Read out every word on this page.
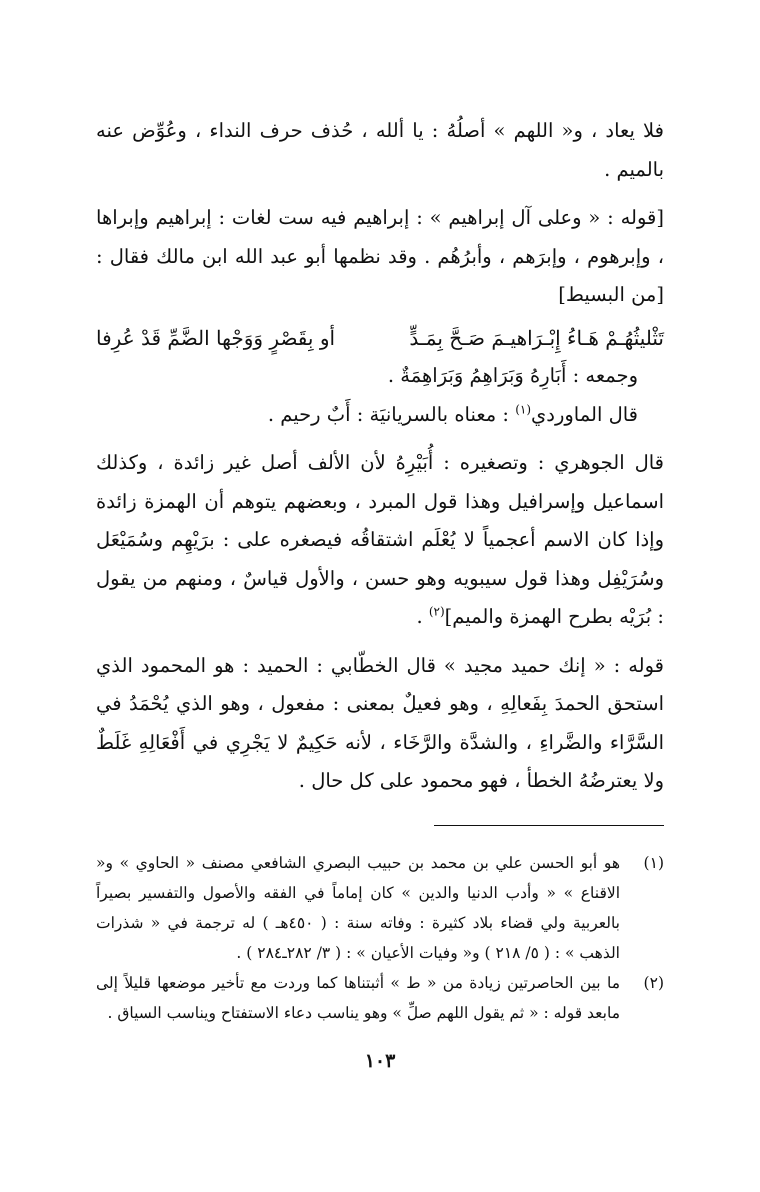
فلا يعاد ، و« اللهم » أصلُهُ : يا ألله ، حُذف حرف النداء ، وعُوِّض عنه بالميم .

[قوله : « وعلى آل إبراهيم » : إبراهيم فيه ست لغات : إبراهيم وإبراها ، وإبرهوم ، وإبرَهم ، وأبرُهُم . وقد نظمها أبو عبد الله ابن مالك فقال : [من البسيط]

تَثْليثُهُـمْ هَـاءُ إِبْـرَاهيـمَ صَـحَّ بِمَـدٍّ
أو بِقَصْرٍ وَوَجْها الضَّمِّ قَدْ عُرِفا

وجمعه : أَبَارِهُ وَبَرَاهِمُ وَبَرَاهِمَةٌ .

قال الماوردي$^{(١)}$ : معناه بالسريانيَة : أَبٌ رحيم .

قال الجوهري : وتصغيره : أُبَيْرِهُ لأن الألف أصل غير زائدة ، وكذلك اسماعيل وإسرافيل وهذا قول المبرد ، وبعضهم يتوهم أن الهمزة زائدة وإذا كان الاسم أعجمياً لا يُعْلَم اشتقاقُه فيصغره على : برَيْهِم وسُمَيْعَل وسُرَيْفِل وهذا قول سيبويه وهو حسن ، والأول قياسٌ ، ومنهم من يقول : بُرَيْه بطرح الهمزة والميم]$^{(٢)}$ .

قوله : « إنك حميد مجيد » قال الخطّابي : الحميد : هو المحمود الذي استحق الحمدَ بِفَعالِهِ ، وهو فعيلٌ بمعنى : مفعول ، وهو الذي يُحْمَدُ في السَّرَّاء والضَّراءِ ، والشدَّة والرَّخَاء ، لأنه حَكِيمٌ لا يَجْرِي في أَفْعَالِهِ غَلَطٌ ولا يعترضُهُ الخطأ ، فهو محمود على كل حال .

(١)
هو أبو الحسن علي بن محمد بن حبيب البصري الشافعي مصنف « الحاوي » و« الاقناع » « وأدب الدنيا والدين » كان إماماً في الفقه والأصول والتفسير بصيراً بالعربية ولي قضاء بلاد كثيرة : وفاته سنة : ( ٤٥٠هـ ) له ترجمة في « شذرات الذهب » : ( ٥/ ٢١٨ ) و« وفيات الأعيان » : ( ٣/ ٢٨٢ـ٢٨٤ ) .
(٢)
ما بين الحاصرتين زيادة من « ط » أثبتناها كما وردت مع تأخير موضعها قليلاً إلى مابعد قوله : « ثم يقول اللهم صلِّ » وهو يناسب دعاء الاستفتاح ويناسب السياق .
١٠٣
